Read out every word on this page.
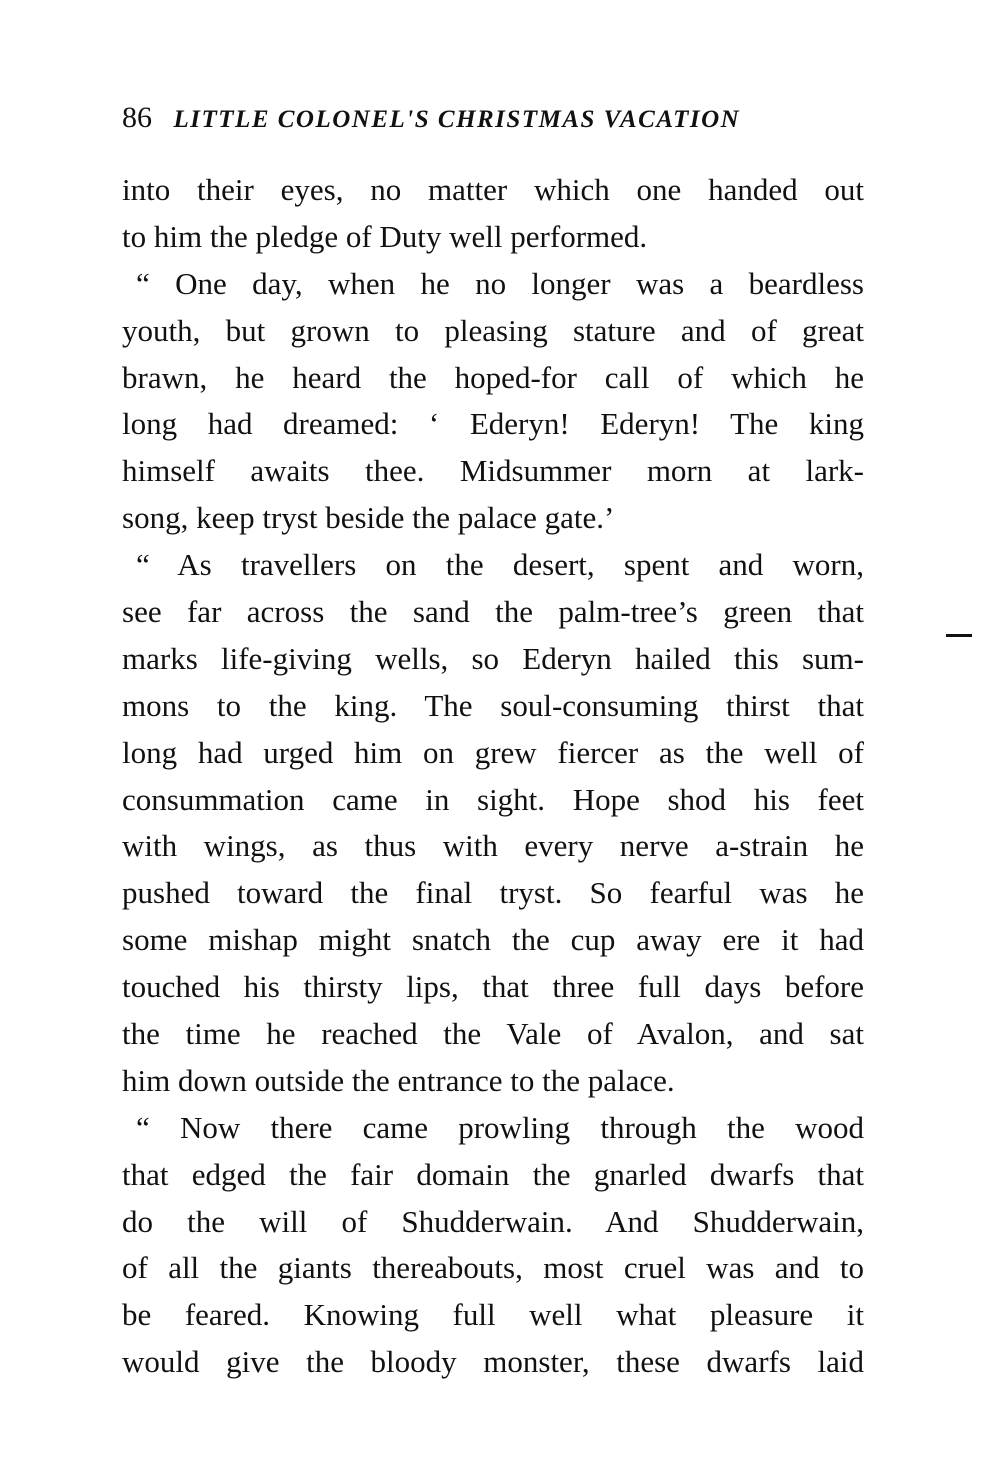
86 LITTLE COLONEL'S CHRISTMAS VACATION
into their eyes, no matter which one handed out
to him the pledge of Duty well performed.
“ One day, when he no longer was a beardless
youth, but grown to pleasing stature and of great
brawn, he heard the hoped-for call of which he
long had dreamed: ‘ Ederyn! Ederyn! The king
himself awaits thee. Midsummer morn at lark-
song, keep tryst beside the palace gate.’
“ As travellers on the desert, spent and worn,
see far across the sand the palm-tree’s green that
marks life-giving wells, so Ederyn hailed this sum-
mons to the king. The soul-consuming thirst that
long had urged him on grew fiercer as the well of
consummation came in sight. Hope shod his feet
with wings, as thus with every nerve a-strain he
pushed toward the final tryst. So fearful was he
some mishap might snatch the cup away ere it had
touched his thirsty lips, that three full days before
the time he reached the Vale of Avalon, and sat
him down outside the entrance to the palace.
“ Now there came prowling through the wood
that edged the fair domain the gnarled dwarfs that
do the will of Shudderwain. And Shudderwain,
of all the giants thereabouts, most cruel was and to
be feared. Knowing full well what pleasure it
would give the bloody monster, these dwarfs laid
